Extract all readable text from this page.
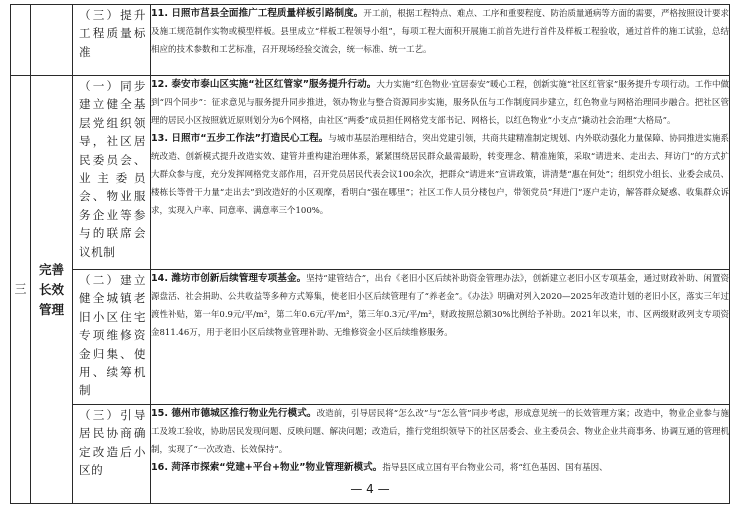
		（三）提升工程质量标准	11. 日照市莒县全面推广工程质量样板引路制度。开工前，根据工程特点、难点、工序和重要程度、防治质量通病等方面的需要，严格按照设计要求及施工规范制作实物或模型样板。县里成立“样板工程领导小组”，每项工程大面积开展施工前首先进行首件及样板工程验收，通过首件的施工试验，总结相应的技术参数和工艺标准，召开现场经验交流会，统一标准、统一工艺。

三	完善长效管理	（一）同步建立健全基层党组织领导，社区居民委员会、业主委员会、物业服务企业等参与的联席会议机制	12. 泰安市泰山区实施“社区红管家”服务提升行动。大力实施“红色物业·宜居泰安”暖心工程，创新实施“社区红管家”服务提升专项行动。工作中做到“四个同步”：征求意见与服务提升同步推进，领办物业与整合资源同步实施，服务队伍与工作制度同步建立，红色物业与网格治理同步融合。把社区管理的居民小区按照就近原则划分为6个网格，由社区“两委”成员担任网格党支部书记、网格长，以红色物业“小支点”撬动社会治理“大格局”。

13. 日照市“五步工作法”打造民心工程。与城市基层治理相结合，突出党建引领，共商共建精准制定规划、内外联动强化力量保障、协同推进实施系统改造、创新模式提升改造实效、建管并重构建治理体系，紧紧围绕居民群众最需最盼，转变理念、精准施策，采取“请进来、走出去、拜访门”的方式扩大群众参与度，充分发挥网格党支部作用，召开党员居民代表会议100余次，把群众“请进来”宣讲政策，讲清楚“惠在何处”；组织党小组长、业委会成员、楼栋长等骨干力量“走出去”到改造好的小区观摩，看明白“强在哪里”；社区工作人员分楼包户，带领党员“拜进门”逐户走访，解答群众疑惑、收集群众诉求，实现入户率、同意率、满意率三个100%。

		（二）建立健全城镇老旧小区住宅专项维修资金归集、使用、续筹机制	14. 潍坊市创新后续管理专项基金。坚持“建管结合”，出台《老旧小区后续补助资金管理办法》，创新建立老旧小区专项基金，通过财政补助、闲置资源盘活、社会捐助、公共收益等多种方式筹集，使老旧小区后续管理有了“养老金”。《办法》明确对列入2020—2025年改造计划的老旧小区，落实三年过渡性补贴，第一年0.9元/平/m²，第二年0.6元/平/m²，第三年0.3元/平/m²，财政按照总额30%比例给予补助。2021年以来，市、区两级财政列支专项资金811.46万，用于老旧小区后续物业管理补助、无维修资金小区后续维修服务。

		（三）引导居民协商确定改造后小区的	15. 德州市德城区推行物业先行模式。改造前，引导居民将“怎么改”与“怎么管”同步考虑，形成意见统一的长效管理方案；改造中，物业企业参与施工及竣工验收，协助居民发现问题、反映问题、解决问题；改造后，推行党组织领导下的社区居委会、业主委员会、物业企业共商事务、协调互通的管理机制，实现了“一次改造、长效保持”。

16. 菏泽市探索“党建+平台+物业”物业管理新模式。指导县区成立国有平台物业公司，将“红色基因、国有基因、

— 4 —
